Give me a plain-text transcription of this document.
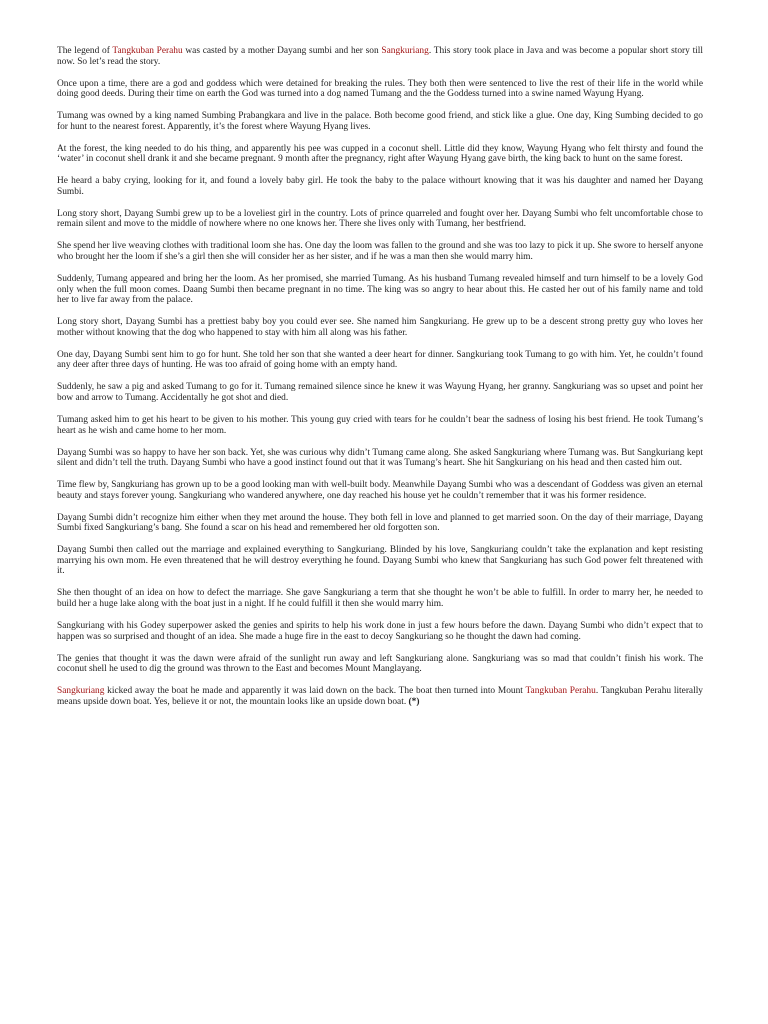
The legend of Tangkuban Perahu was casted by a mother Dayang sumbi and her son Sangkuriang. This story took place in Java and was become a popular short story till now. So let’s read the story.

Once upon a time, there are a god and goddess which were detained for breaking the rules. They both then were sentenced to live the rest of their life in the world while doing good deeds. During their time on earth the God was turned into a dog named Tumang and the the Goddess turned into a swine named Wayung Hyang.

Tumang was owned by a king named Sumbing Prabangkara and live in the palace. Both become good friend, and stick like a glue. One day, King Sumbing decided to go for hunt to the nearest forest. Apparently, it’s the forest where Wayung Hyang lives.

At the forest, the king needed to do his thing, and apparently his pee was cupped in a coconut shell. Little did they know, Wayung Hyang who felt thirsty and found the ‘water’ in coconut shell drank it and she became pregnant. 9 month after the pregnancy, right after Wayung Hyang gave birth, the king back to hunt on the same forest.

He heard a baby crying, looking for it, and found a lovely baby girl. He took the baby to the palace withourt knowing that it was his daughter and named her Dayang Sumbi.

Long story short, Dayang Sumbi grew up to be a loveliest girl in the country. Lots of prince quarreled and fought over her. Dayang Sumbi who felt uncomfortable chose to remain silent and move to the middle of nowhere where no one knows her. There she lives only with Tumang, her bestfriend.

She spend her live weaving clothes with traditional loom she has. One day the loom was fallen to the ground and she was too lazy to pick it up. She swore to herself anyone who brought her the loom if she’s a girl then she will consider her as her sister, and if he was a man then she would marry him.

Suddenly, Tumang appeared and bring her the loom. As her promised, she married Tumang. As his husband Tumang revealed himself and turn himself to be a lovely God only when the full moon comes. Daang Sumbi then became pregnant in no time. The king was so angry to hear about this. He casted her out of his family name and told her to live far away from the palace.

Long story short, Dayang Sumbi has a prettiest baby boy you could ever see. She named him Sangkuriang. He grew up to be a descent strong pretty guy who loves her mother without knowing that the dog who happened to stay with him all along was his father.

One day, Dayang Sumbi sent him to go for hunt. She told her son that she wanted a deer heart for dinner. Sangkuriang took Tumang to go with him. Yet, he couldn’t found any deer after three days of hunting. He was too afraid of going home with an empty hand.

Suddenly, he saw a pig and asked Tumang to go for it. Tumang remained silence since he knew it was Wayung Hyang, her granny. Sangkuriang was so upset and point her bow and arrow to Tumang. Accidentally he got shot and died.

Tumang asked him to get his heart to be given to his mother. This young guy cried with tears for he couldn’t bear the sadness of losing his best friend. He took Tumang’s heart as he wish and came home to her mom.

Dayang Sumbi was so happy to have her son back. Yet, she was curious why didn’t Tumang came along. She asked Sangkuriang where Tumang was. But Sangkuriang kept silent and didn’t tell the truth. Dayang Sumbi who have a good instinct found out that it was Tumang’s heart. She hit Sangkuriang on his head and then casted him out.

Time flew by, Sangkuriang has grown up to be a good looking man with well-built body. Meanwhile Dayang Sumbi who was a descendant of Goddess was given an eternal beauty and stays forever young. Sangkuriang who wandered anywhere, one day reached his house yet he couldn’t remember that it was his former residence.

Dayang Sumbi didn’t recognize him either when they met around the house. They both fell in love and planned to get married soon. On the day of their marriage, Dayang Sumbi fixed Sangkuriang’s bang. She found a scar on his head and remembered her old forgotten son.

Dayang Sumbi then called out the marriage and explained everything to Sangkuriang. Blinded by his love, Sangkuriang couldn’t take the explanation and kept resisting marrying his own mom. He even threatened that he will destroy everything he found. Dayang Sumbi who knew that Sangkuriang has such God power felt threatened with it.

She then thought of an idea on how to defect the marriage. She gave Sangkuriang a term that she thought he won’t be able to fulfill. In order to marry her, he needed to build her a huge lake along with the boat just in a night. If he could fulfill it then she would marry him.

Sangkuriang with his Godey superpower asked the genies and spirits to help his work done in just a few hours before the dawn. Dayang Sumbi who didn’t expect that to happen was so surprised and thought of an idea. She made a huge fire in the east to decoy Sangkuriang so he thought the dawn had coming.

The genies that thought it was the dawn were afraid of the sunlight run away and left Sangkuriang alone. Sangkuriang was so mad that couldn’t finish his work. The coconut shell he used to dig the ground was thrown to the East and becomes Mount Manglayang.

Sangkuriang kicked away the boat he made and apparently it was laid down on the back. The boat then turned into Mount Tangkuban Perahu. Tangkuban Perahu literally means upside down boat. Yes, believe it or not, the mountain looks like an upside down boat. (*)
